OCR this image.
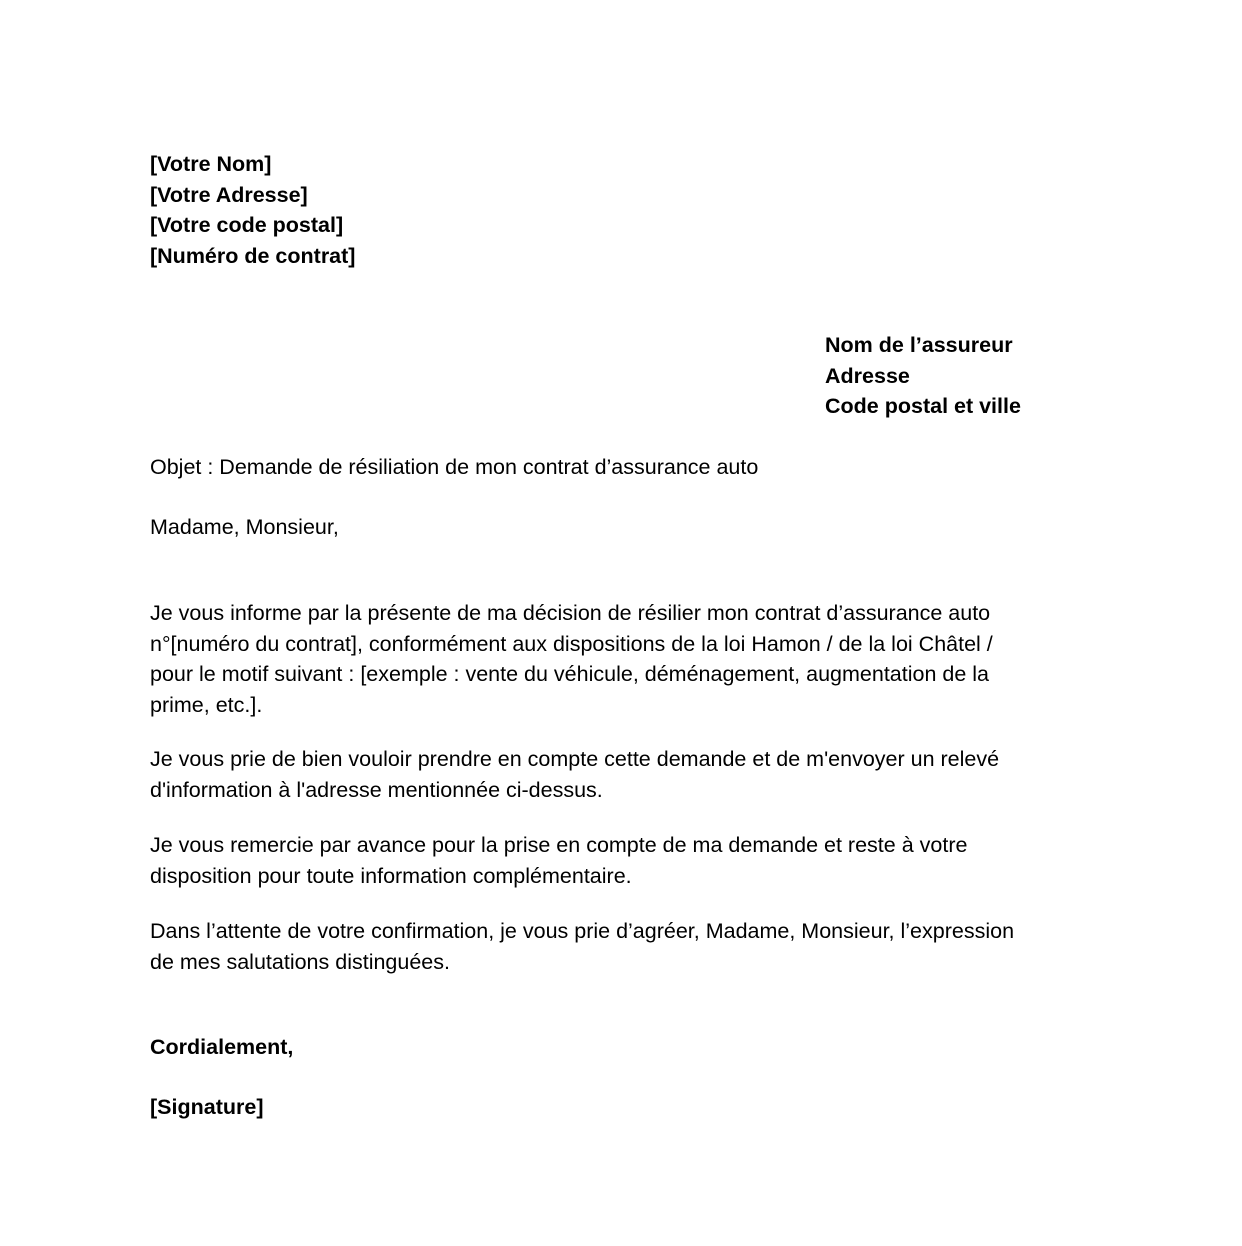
[Votre Nom]
[Votre Adresse]
[Votre code postal]
[Numéro de contrat]
Nom de l’assureur
Adresse
Code postal et ville
Objet : Demande de résiliation de mon contrat d’assurance auto
Madame, Monsieur,
Je vous informe par la présente de ma décision de résilier mon contrat d’assurance auto
n°[numéro du contrat], conformément aux dispositions de la loi Hamon / de la loi Châtel /
pour le motif suivant : [exemple : vente du véhicule, déménagement, augmentation de la
prime, etc.].
Je vous prie de bien vouloir prendre en compte cette demande et de m'envoyer un relevé
d'information à l'adresse mentionnée ci-dessus.
Je vous remercie par avance pour la prise en compte de ma demande et reste à votre
disposition pour toute information complémentaire.
Dans l’attente de votre confirmation, je vous prie d’agréer, Madame, Monsieur, l’expression
de mes salutations distinguées.
Cordialement,
[Signature]
